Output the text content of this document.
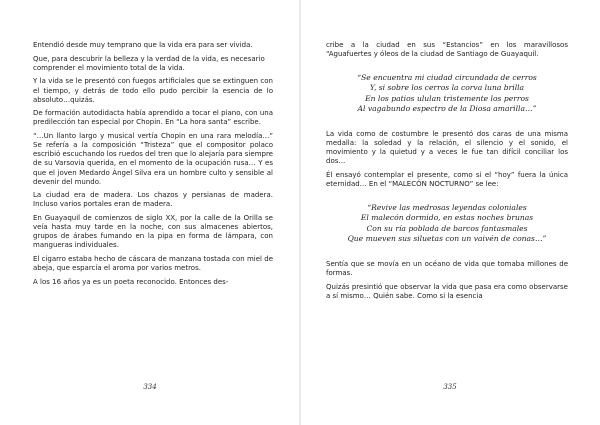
Entendió desde muy temprano que la vida era para ser vivida.

Que, para descubrir la belleza y la verdad de la vida, es necesario comprender el movimiento total de la vida.

Y la vida se le presentó con fuegos artificiales que se extinguen con el tiempo, y detrás de todo ello pudo percibir la esencia de lo absoluto…quizás.

De formación autodidacta había aprendido a tocar el piano, con una predilección tan especial por Chopin. En “La hora santa” escribe.

“…Un llanto largo y musical vertía Chopin en una rara melodía…” Se refería a la composición “Tristeza” que el compositor polaco escribió escuchando los ruedos del tren que lo alejaría para siempre de su Varsovia querida, en el momento de la ocupación rusa… Y es que el joven Medardo Ángel Silva era un hombre culto y sensible al devenir del mundo.

La ciudad era de madera. Los chazos y persianas de madera. Incluso varios portales eran de madera.

En Guayaquil de comienzos de siglo XX, por la calle de la Orilla se veía hasta muy tarde en la noche, con sus almacenes abiertos, grupos de árabes fumando en la pipa en forma de lámpara, con mangueras individuales.

El cigarro estaba hecho de cáscara de manzana tostada con miel de abeja, que esparcía el aroma por varios metros.

A los 16 años ya es un poeta reconocido. Entonces des-

334

cribe a la ciudad en sus “Estancios” en los maravillosos “Aguafuertes y óleos de la ciudad de Santiago de Guayaquil.

“Se encuentra mi ciudad circundada de cerros
Y, si sobre los cerros la corva luna brilla
En los patios ululan tristemente los perros
Al vagabundo espectro de la Diosa amarilla…”

La vida como de costumbre le presentó dos caras de una misma medalla: la soledad y la relación, el silencio y el sonido, el movimiento y la quietud y a veces le fue tan difícil conciliar los dos…

Él ensayó contemplar el presente, como si el “hoy” fuera la única eternidad… En el “MALECÓN NOCTURNO” se lee:

“Revive las medrosas leyendas coloniales
El malecón dormido, en estas noches brunas
Con su ría poblada de barcos fantasmales
Que mueven sus siluetas con un vaivén de conas…”

Sentía que se movía en un océano de vida que tomaba millones de formas.

Quizás presintió que observar la vida que pasa era como observarse a sí mismo… Quién sabe. Como si la esencia

335
